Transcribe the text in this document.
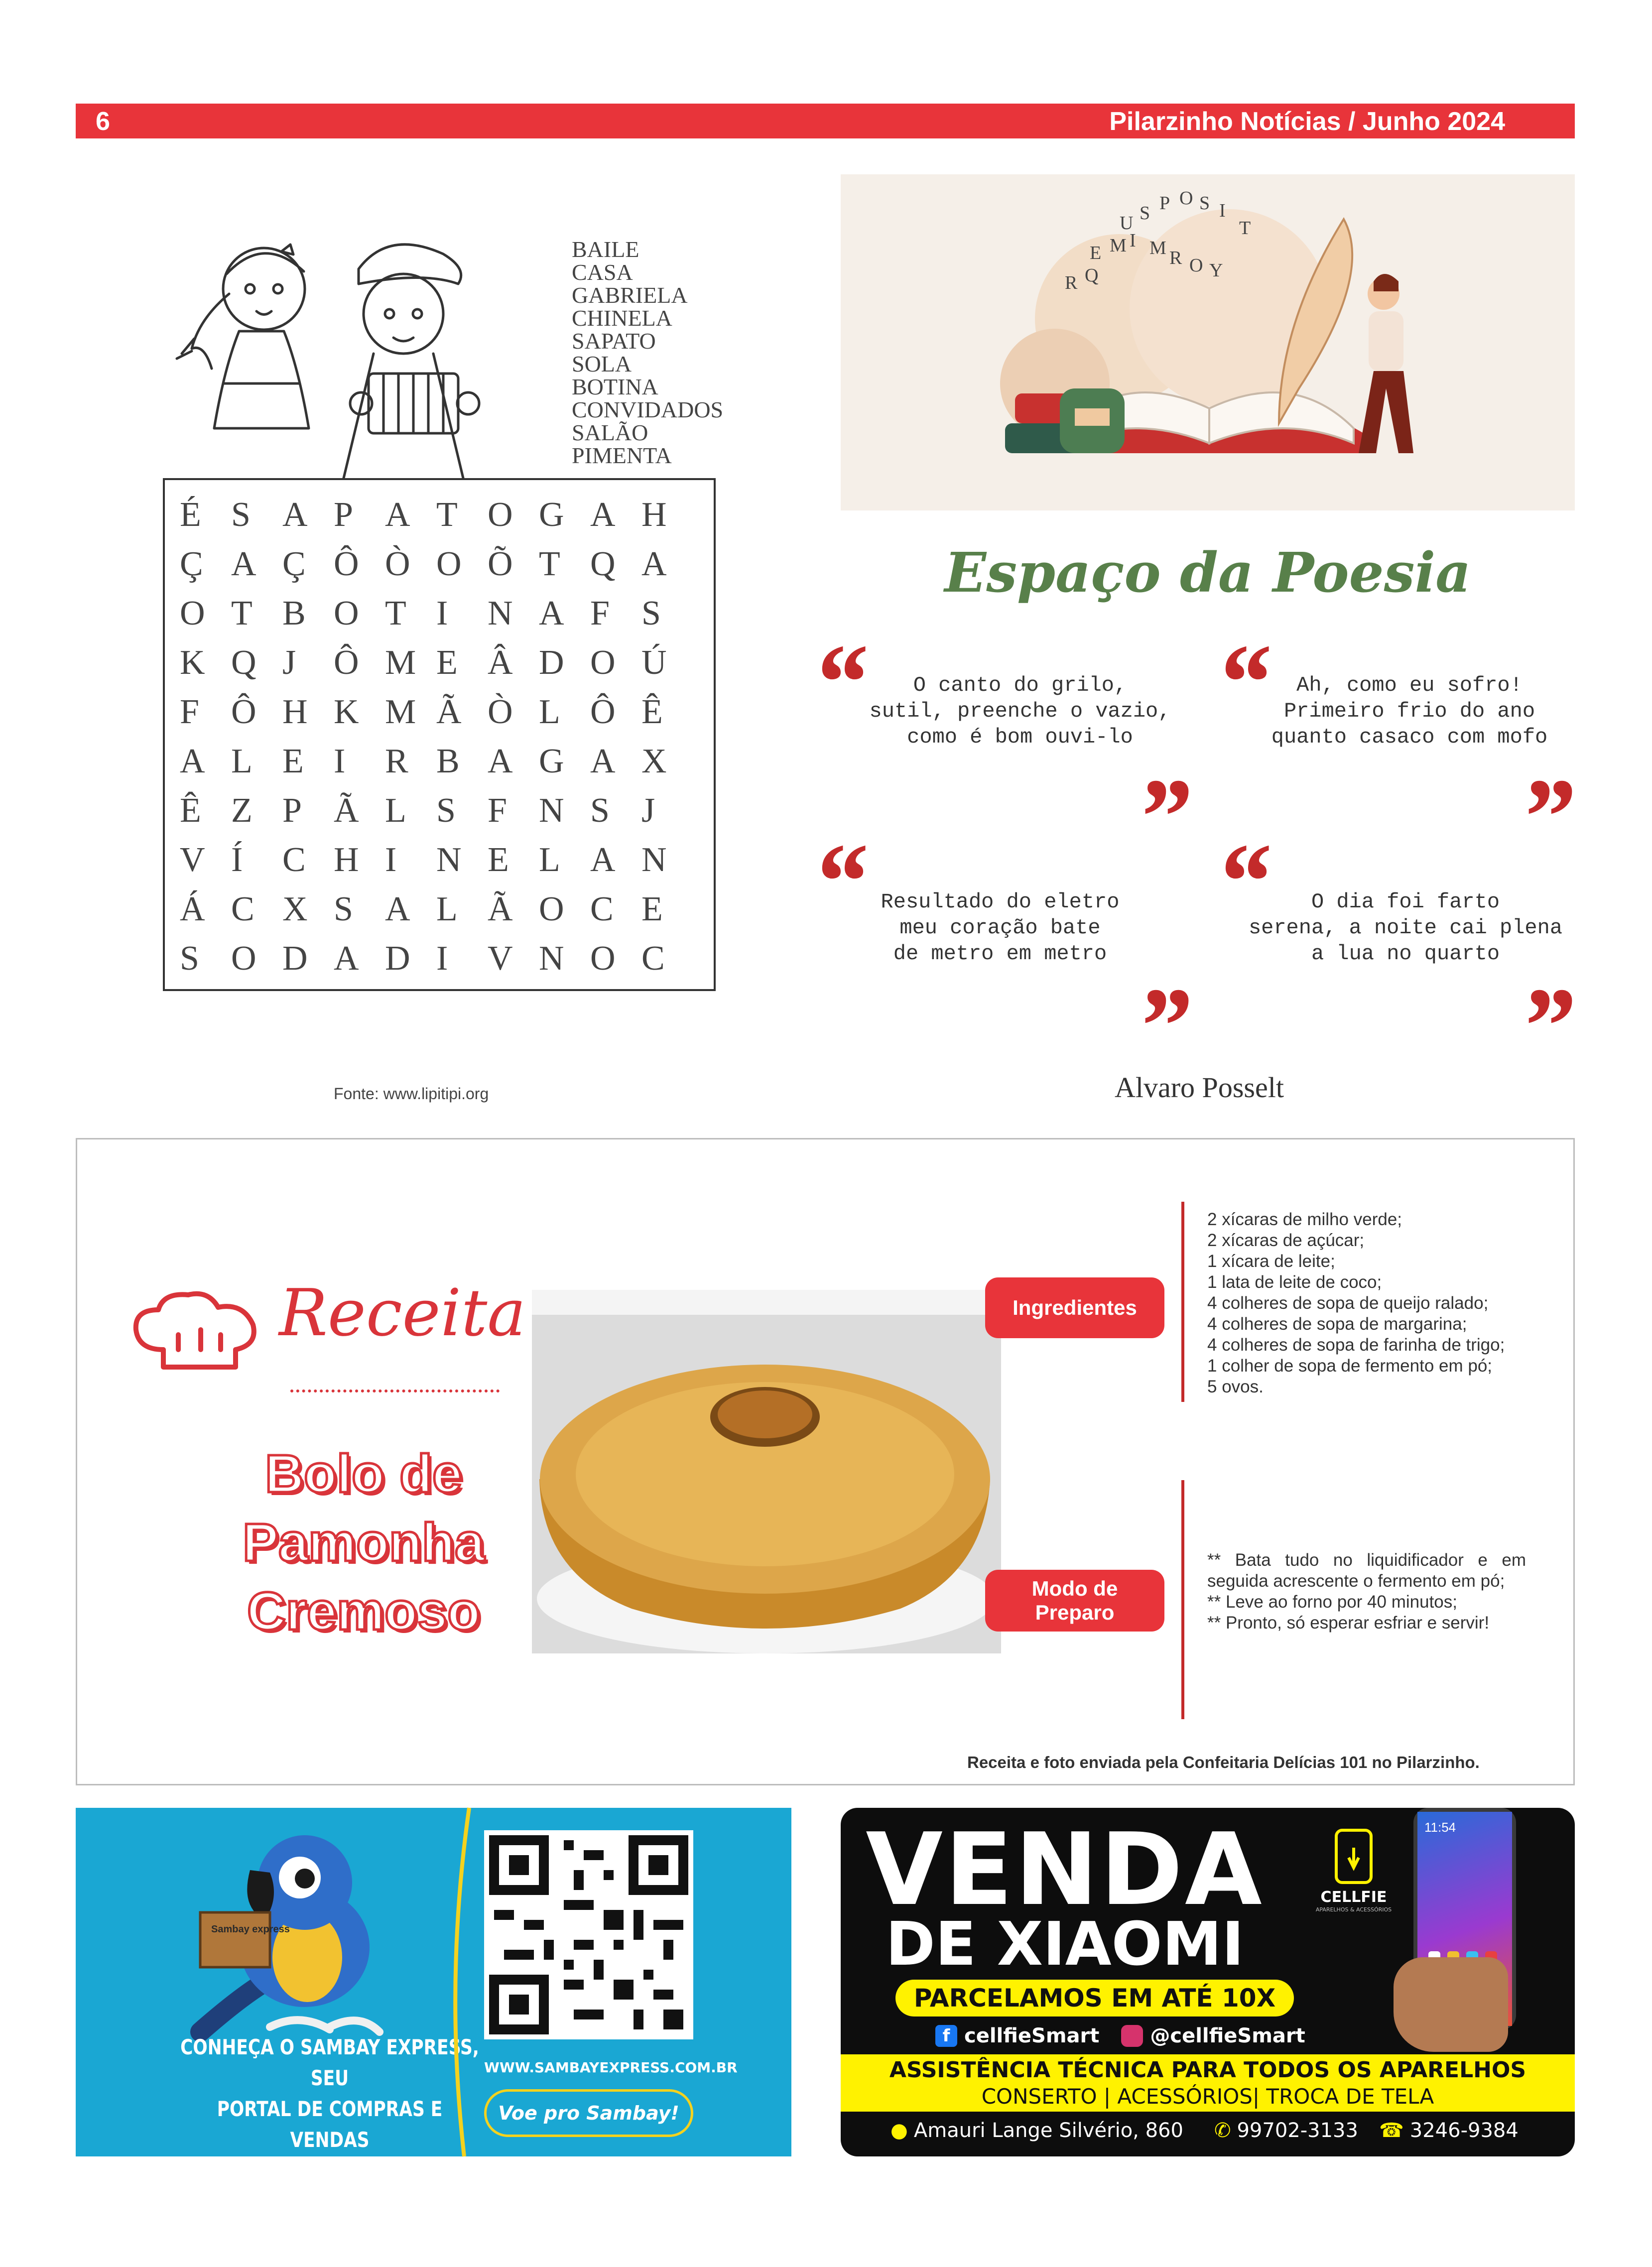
6	Pilarzinho Notícias / Junho 2024
BAILE
CASA
GABRIELA
CHINELA
SAPATO
SOLA
BOTINA
CONVIDADOS
SALÃO
PIMENTA
É S A P A T O G A H
Ç A Ç Ô Ò O Õ T Q A
O T B O T I	N A F S
K Q J	Ô M E Â D O Ú
F Ô H K M Ã Ò L Ô Ê
A L E I	R B A G A X
Ê Z P Ã L S F N S J
V Í	C H I	N E L A N
Á C X S A L Ã O C E
S O D A D I	V N O C
Fonte: www.lipitipi.org
U S P O S I
T
E M I M R O Y
R Q
Espaço da Poesia
“	O canto do grilo,
sutil, preenche o vazio,
como é bom ouvi-lo
”
“	Ah, como eu sofro!
Primeiro frio do ano
quanto casaco com mofo
”
“ Resultado do eletro
meu coração bate
de metro em metro
”
“	O dia foi farto
serena, a noite cai plena
a lua no quarto
”
Alvaro Posselt
Receita
Bolo de
Pamonha
Cremoso
Ingredientes
2 xícaras de milho verde;
2 xícaras de açúcar;
1 xícara de leite;
1 lata de leite de coco;
4 colheres de sopa de queijo ralado;
4 colheres de sopa de margarina;
4 colheres de sopa de farinha de trigo;
1 colher de sopa de fermento em pó;
5 ovos.
Modo de
Preparo
** Bata tudo no liquidificador e em seguida acrescente o fermento em pó;
** Leve ao forno por 40 minutos;
** Pronto, só esperar esfriar e servir!
Receita e foto enviada pela Confeitaria Delícias 101 no Pilarzinho.
Sambay express
CONHEÇA O SAMBAY EXPRESS, SEU
PORTAL DE COMPRAS E VENDAS
MODERNO, RÁPIDO E SEGURO!
WWW.SAMBAYEXPRESS.COM.BR
Voe pro Sambay!
VENDA
DE XIAOMI
PARCELAMOS EM ATÉ 10X
CELLFIE
APARELHOS & ACESSÓRIOS
11:54
f cellfieSmart	@cellfieSmart
ASSISTÊNCIA TÉCNICA PARA TODOS OS APARELHOS
CONSERTO | ACESSÓRIOS| TROCA DE TELA
● Amauri Lange Silvério, 860 ✆ 99702-3133 ☎ 3246-9384
